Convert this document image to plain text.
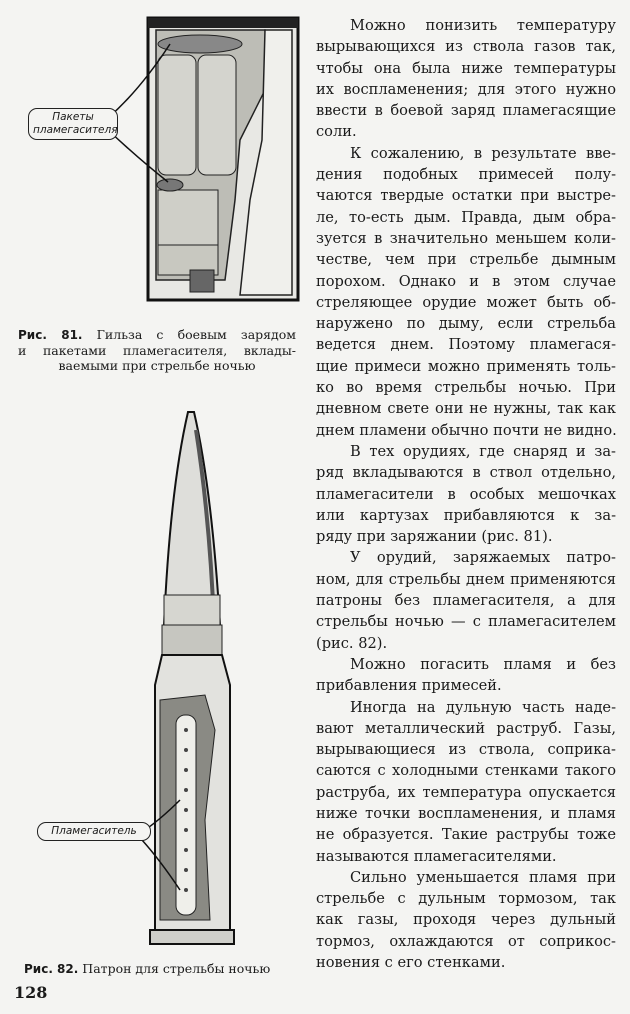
Пакеты
пламегасителя
Рис. 81. Гильза с боевым зарядом
и пакетами пламегасителя, вклады-
ваемыми при стрельбе ночью
Пламегаситель
Рис. 82. Патрон для стрельбы ночью
128
Можно понизить температуру
вырывающихся из ствола газов так,
чтобы она была ниже температуры
их воспламенения; для этого нужно
ввести в боевой заряд пламегасящие
соли.
К сожалению, в результате вве-
дения подобных примесей полу-
чаются твердые остатки при выстре-
ле, то-есть дым. Правда, дым обра-
зуется в значительно меньшем коли-
честве, чем при стрельбе дымным
порохом. Однако и в этом случае
стреляющее орудие может быть об-
наружено по дыму, если стрельба
ведется днем. Поэтому пламегася-
щие примеси можно применять толь-
ко во время стрельбы ночью. При
дневном свете они не нужны, так как
днем пламени обычно почти не видно.
В тех орудиях, где снаряд и за-
ряд вкладываются в ствол отдельно,
пламегасители в особых мешочках
или картузах прибавляются к за-
ряду при заряжании (рис. 81).
У орудий, заряжаемых патро-
ном, для стрельбы днем применяются
патроны без пламегасителя, а для
стрельбы ночью — с пламегасителем
(рис. 82).
Можно погасить пламя и без
прибавления примесей.
Иногда на дульную часть наде-
вают металлический раструб. Газы,
вырывающиеся из ствола, соприка-
саются с холодными стенками такого
раструба, их температура опускается
ниже точки воспламенения, и пламя
не образуется. Такие раструбы тоже
называются пламегасителями.
Сильно уменьшается пламя при
стрельбе с дульным тормозом, так
как газы, проходя через дульный
тормоз, охлаждаются от соприкос-
новения с его стенками.
